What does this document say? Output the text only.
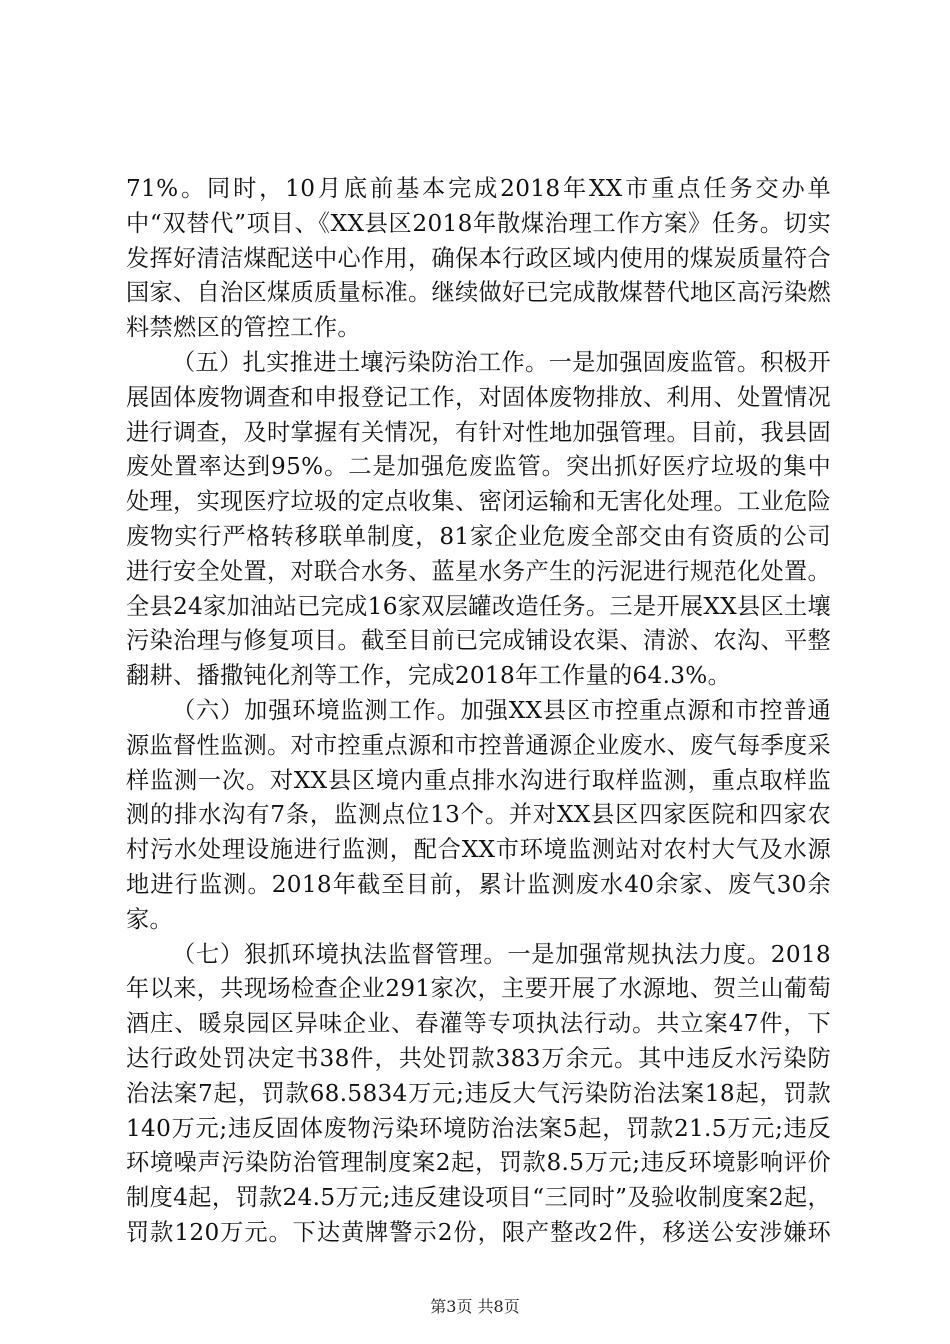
71%。同时，10月底前基本完成2018年XX市重点任务交办单中“双替代”项目、《XX县区2018年散煤治理工作方案》任务。切实发挥好清洁煤配送中心作用，确保本行政区域内使用的煤炭质量符合国家、自治区煤质质量标准。继续做好已完成散煤替代地区高污染燃料禁燃区的管控工作。

（五）扎实推进土壤污染防治工作。一是加强固废监管。积极开展固体废物调查和申报登记工作，对固体废物排放、利用、处置情况进行调查，及时掌握有关情况，有针对性地加强管理。目前，我县固废处置率达到95%。二是加强危废监管。突出抓好医疗垃圾的集中处理，实现医疗垃圾的定点收集、密闭运输和无害化处理。工业危险废物实行严格转移联单制度，81家企业危废全部交由有资质的公司进行安全处置，对联合水务、蓝星水务产生的污泥进行规范化处置。全县24家加油站已完成16家双层罐改造任务。三是开展XX县区土壤污染治理与修复项目。截至目前已完成铺设农渠、清淤、农沟、平整翻耕、播撒钝化剂等工作，完成2018年工作量的64.3%。

（六）加强环境监测工作。加强XX县区市控重点源和市控普通源监督性监测。对市控重点源和市控普通源企业废水、废气每季度采样监测一次。对XX县区境内重点排水沟进行取样监测，重点取样监测的排水沟有7条，监测点位13个。并对XX县区四家医院和四家农村污水处理设施进行监测，配合XX市环境监测站对农村大气及水源地进行监测。2018年截至目前，累计监测废水40余家、废气30余家。

（七）狠抓环境执法监督管理。一是加强常规执法力度。2018年以来，共现场检查企业291家次，主要开展了水源地、贺兰山葡萄酒庄、暖泉园区异味企业、春灌等专项执法行动。共立案47件，下达行政处罚决定书38件，共处罚款383万余元。其中违反水污染防治法案7起，罚款68.5834万元;违反大气污染防治法案18起，罚款140万元;违反固体废物污染环境防治法案5起，罚款21.5万元;违反环境噪声污染防治管理制度案2起，罚款8.5万元;违反环境影响评价制度4起，罚款24.5万元;违反建设项目“三同时”及验收制度案2起，罚款120万元。下达黄牌警示2份，限产整改2件，移送公安涉嫌环

第3页 共8页
